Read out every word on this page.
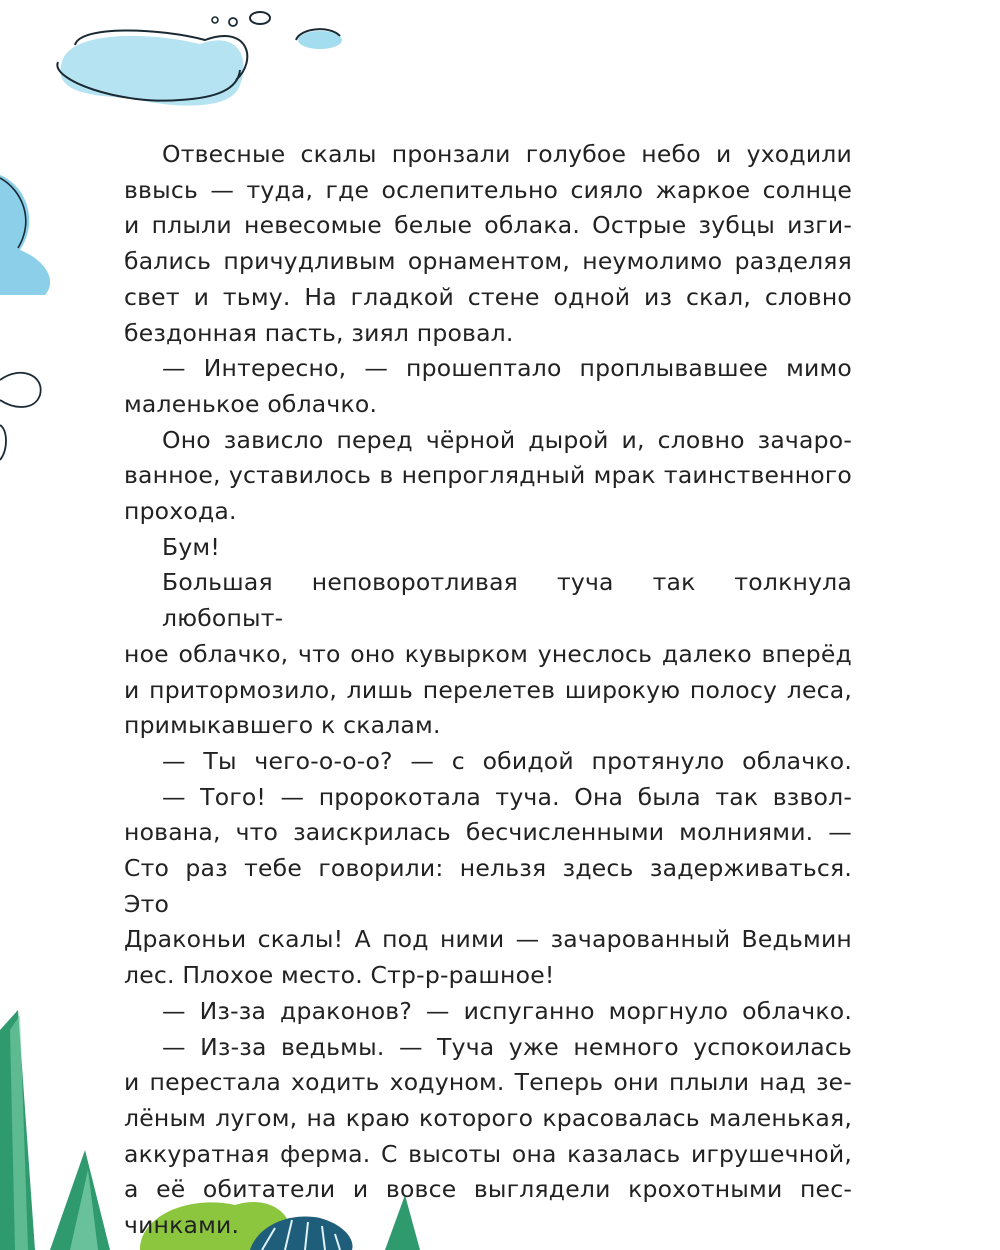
Отвесные скалы пронзали голубое небо и уходили
ввысь — туда, где ослепительно сияло жаркое солнце
и плыли невесомые белые облака. Острые зубцы изги-
бались причудливым орнаментом, неумолимо разделяя
свет и тьму. На гладкой стене одной из скал, словно
бездонная пасть, зиял провал.
— Интересно, — прошептало проплывавшее мимо
маленькое облачко.
Оно зависло перед чёрной дырой и, словно зачаро-
ванное, уставилось в непроглядный мрак таинственного
прохода.
Бум!
Большая неповоротливая туча так толкнула любопыт-
ное облачко, что оно кувырком унеслось далеко вперёд
и притормозило, лишь перелетев широкую полосу леса,
примыкавшего к скалам.
— Ты чего-о-о-о? — с обидой протянуло облачко.
— Того! — пророкотала туча. Она была так взвол-
нована, что заискрилась бесчисленными молниями. —
Сто раз тебе говорили: нельзя здесь задерживаться. Это
Драконьи скалы! А под ними — зачарованный Ведьмин
лес. Плохое место. Стр-р-рашное!
— Из-за драконов? — испуганно моргнуло облачко.
— Из-за ведьмы. — Туча уже немного успокоилась
и перестала ходить ходуном. Теперь они плыли над зе-
лёным лугом, на краю которого красовалась маленькая,
аккуратная ферма. С высоты она казалась игрушечной,
а её обитатели и вовсе выглядели крохотными пес-
чинками.
